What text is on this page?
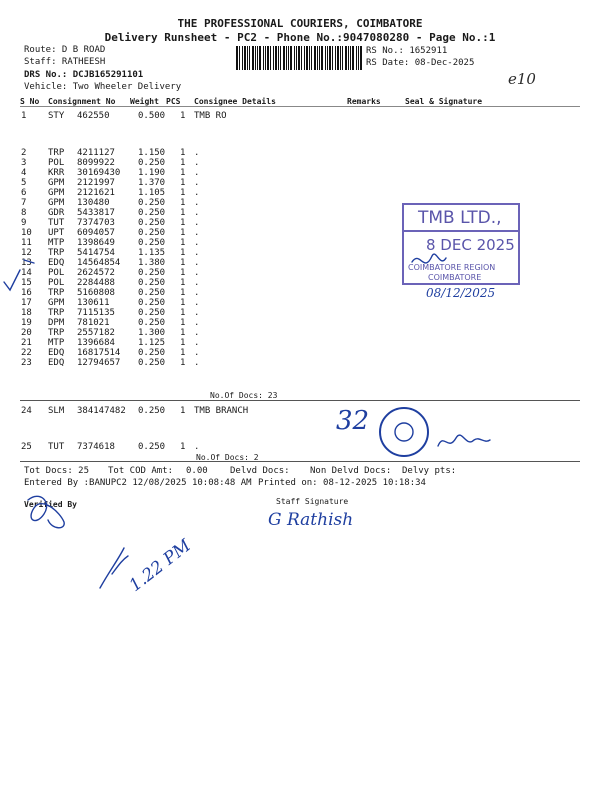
THE PROFESSIONAL COURIERS, COIMBATORE
Delivery Runsheet - PC2 - Phone No.:9047080280 - Page No.:1
Route: D B ROAD
Staff: RATHEESH
DRS No.: DCJB165291101
Vehicle: Two Wheeler Delivery
RS No.: 1652911
RS Date: 08-Dec-2025
S No Consignment No Weight PCS Consignee Details	Remarks	Seal & Signature
1 STY 462550	0.500 1 TMB RO
2 TRP 4211127	1.150 1 .
3 POL 8099922	0.250 1 .
4 KRR 30169430 1.190 1 .
5 GPM 2121997	1.370 1 .
6 GPM 2121621	1.105 1 .
7 GPM 130480	0.250 1 .
8 GDR 5433817	0.250 1 .
9 TUT 7374703	0.250 1 .
10 UPT 6094057	0.250 1 .
11 MTP 1398649	0.250 1 .
12 TRP 5414754	1.135 1 .
13 EDQ 14564854 1.380 1 .
14 POL 2624572	0.250 1 .
15 POL 2284488	0.250 1 .
16 TRP 5160808	0.250 1 .
17 GPM 130611	0.250 1 .
18 TRP 7115135	0.250 1 .
19 DPM 781021	0.250 1 .
20 TRP 2557182	1.300 1 .
21 MTP 1396684	1.125 1 .
22 EDQ 16817514 0.250 1 .
23 EDQ 12794657 0.250 1 .
24 SLM 384147482 0.250 1 TMB BRANCH
25 TUT 7374618	0.250 1 .
No.Of Docs: 23
No.Of Docs: 2
Tot Docs: 25 Tot COD Amt: 0.00 Delvd Docs: Non Delvd Docs: Delvy pts:
Entered By :BANUPC2 12/08/2025 10:08:48 AM Printed on: 08-12-2025 10:18:34
Verified By	Staff Signature
TMB LTD.,
8 DEC 2025
COIMBATORE REGION
COIMBATORE
e10
08/12/2025
32
G Rathish
1.22 PM
